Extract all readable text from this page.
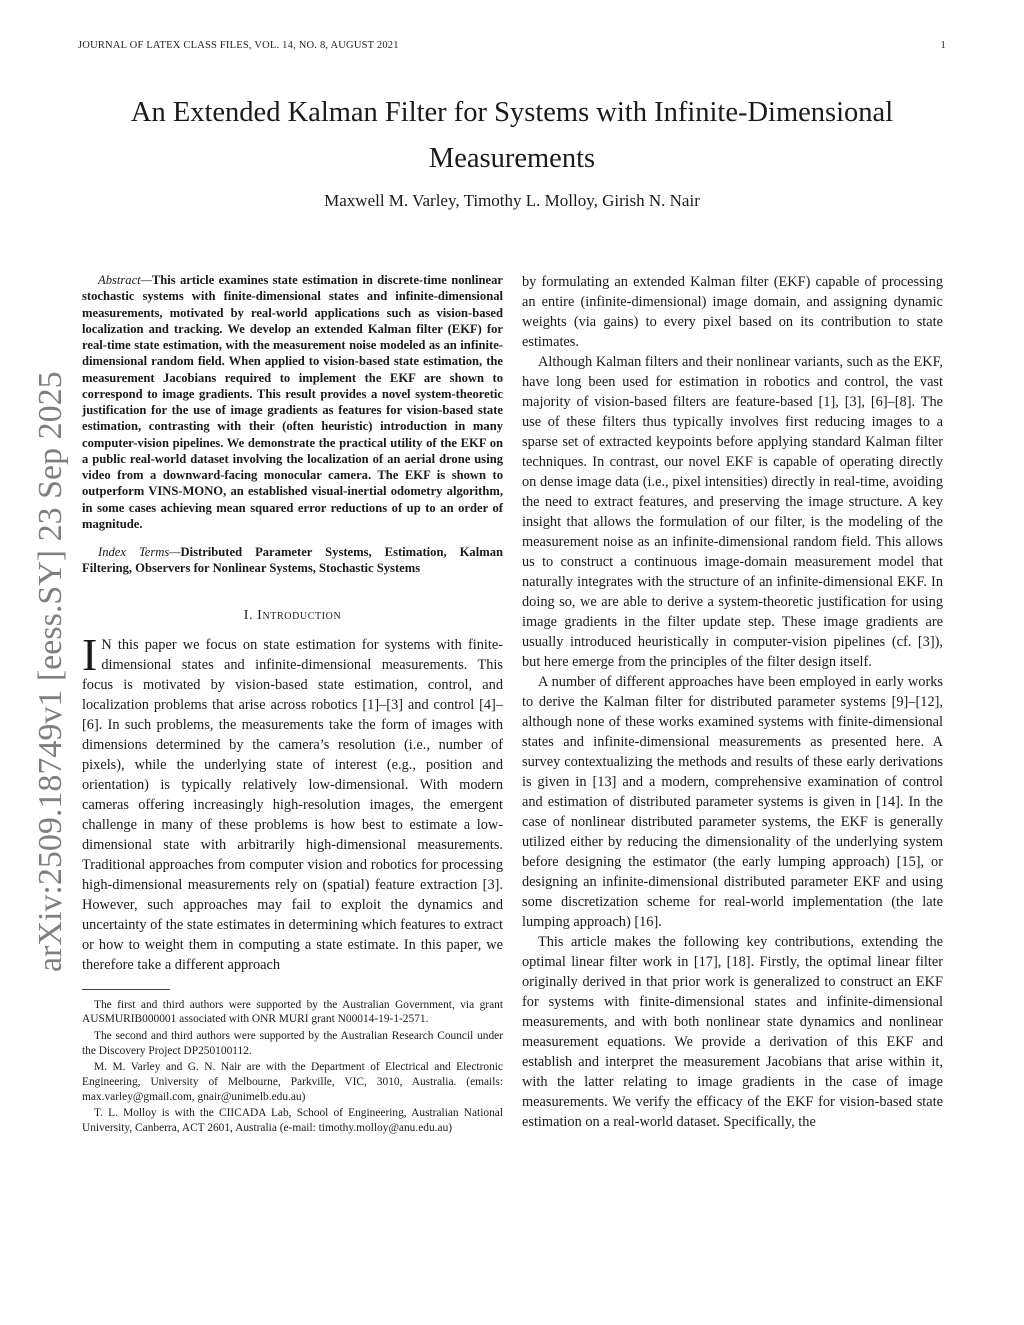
JOURNAL OF LATEX CLASS FILES, VOL. 14, NO. 8, AUGUST 2021	1
An Extended Kalman Filter for Systems with Infinite-Dimensional Measurements
Maxwell M. Varley, Timothy L. Molloy, Girish N. Nair
arXiv:2509.18749v1 [eess.SY] 23 Sep 2025

Abstract—This article examines state estimation in discrete-time nonlinear stochastic systems with finite-dimensional states and infinite-dimensional measurements, motivated by real-world applications such as vision-based localization and tracking. We develop an extended Kalman filter (EKF) for real-time state estimation, with the measurement noise modeled as an infinite-dimensional random field. When applied to vision-based state estimation, the measurement Jacobians required to implement the EKF are shown to correspond to image gradients. This result provides a novel system-theoretic justification for the use of image gradients as features for vision-based state estimation, contrasting with their (often heuristic) introduction in many computer-vision pipelines. We demonstrate the practical utility of the EKF on a public real-world dataset involving the localization of an aerial drone using video from a downward-facing monocular camera. The EKF is shown to outperform VINS-MONO, an established visual-inertial odometry algorithm, in some cases achieving mean squared error reductions of up to an order of magnitude.

Index Terms—Distributed Parameter Systems, Estimation, Kalman Filtering, Observers for Nonlinear Systems, Stochastic Systems

I. Introduction

I N this paper we focus on state estimation for systems with finite-dimensional states and infinite-dimensional measurements. This focus is motivated by vision-based state estimation, control, and localization problems that arise across robotics [1]–[3] and control [4]–[6]. In such problems, the measurements take the form of images with dimensions determined by the camera’s resolution (i.e., number of pixels), while the underlying state of interest (e.g., position and orientation) is typically relatively low-dimensional. With modern cameras offering increasingly high-resolution images, the emergent challenge in many of these problems is how best to estimate a low-dimensional state with arbitrarily high-dimensional measurements. Traditional approaches from computer vision and robotics for processing high-dimensional measurements rely on (spatial) feature extraction [3]. However, such approaches may fail to exploit the dynamics and uncertainty of the state estimates in determining which features to extract or how to weight them in computing a state estimate. In this paper, we therefore take a different approach

The first and third authors were supported by the Australian Government, via grant AUSMURIB000001 associated with ONR MURI grant N00014-19-1-2571.

The second and third authors were supported by the Australian Research Council under the Discovery Project DP250100112.

M. M. Varley and G. N. Nair are with the Department of Electrical and Electronic Engineering, University of Melbourne, Parkville, VIC, 3010, Australia. (emails: max.varley@gmail.com, gnair@unimelb.edu.au)

T. L. Molloy is with the CIICADA Lab, School of Engineering, Australian National University, Canberra, ACT 2601, Australia (e-mail: timothy.molloy@anu.edu.au)

by formulating an extended Kalman filter (EKF) capable of processing an entire (infinite-dimensional) image domain, and assigning dynamic weights (via gains) to every pixel based on its contribution to state estimates.

Although Kalman filters and their nonlinear variants, such as the EKF, have long been used for estimation in robotics and control, the vast majority of vision-based filters are feature-based [1], [3], [6]–[8]. The use of these filters thus typically involves first reducing images to a sparse set of extracted keypoints before applying standard Kalman filter techniques. In contrast, our novel EKF is capable of operating directly on dense image data (i.e., pixel intensities) directly in real-time, avoiding the need to extract features, and preserving the image structure. A key insight that allows the formulation of our filter, is the modeling of the measurement noise as an infinite-dimensional random field. This allows us to construct a continuous image-domain measurement model that naturally integrates with the structure of an infinite-dimensional EKF. In doing so, we are able to derive a system-theoretic justification for using image gradients in the filter update step. These image gradients are usually introduced heuristically in computer-vision pipelines (cf. [3]), but here emerge from the principles of the filter design itself.

A number of different approaches have been employed in early works to derive the Kalman filter for distributed parameter systems [9]–[12], although none of these works examined systems with finite-dimensional states and infinite-dimensional measurements as presented here. A survey contextualizing the methods and results of these early derivations is given in [13] and a modern, comprehensive examination of control and estimation of distributed parameter systems is given in [14]. In the case of nonlinear distributed parameter systems, the EKF is generally utilized either by reducing the dimensionality of the underlying system before designing the estimator (the early lumping approach) [15], or designing an infinite-dimensional distributed parameter EKF and using some discretization scheme for real-world implementation (the late lumping approach) [16].

This article makes the following key contributions, extending the optimal linear filter work in [17], [18]. Firstly, the optimal linear filter originally derived in that prior work is generalized to construct an EKF for systems with finite-dimensional states and infinite-dimensional measurements, and with both nonlinear state dynamics and nonlinear measurement equations. We provide a derivation of this EKF and establish and interpret the measurement Jacobians that arise within it, with the latter relating to image gradients in the case of image measurements. We verify the efficacy of the EKF for vision-based state estimation on a real-world dataset. Specifically, the
